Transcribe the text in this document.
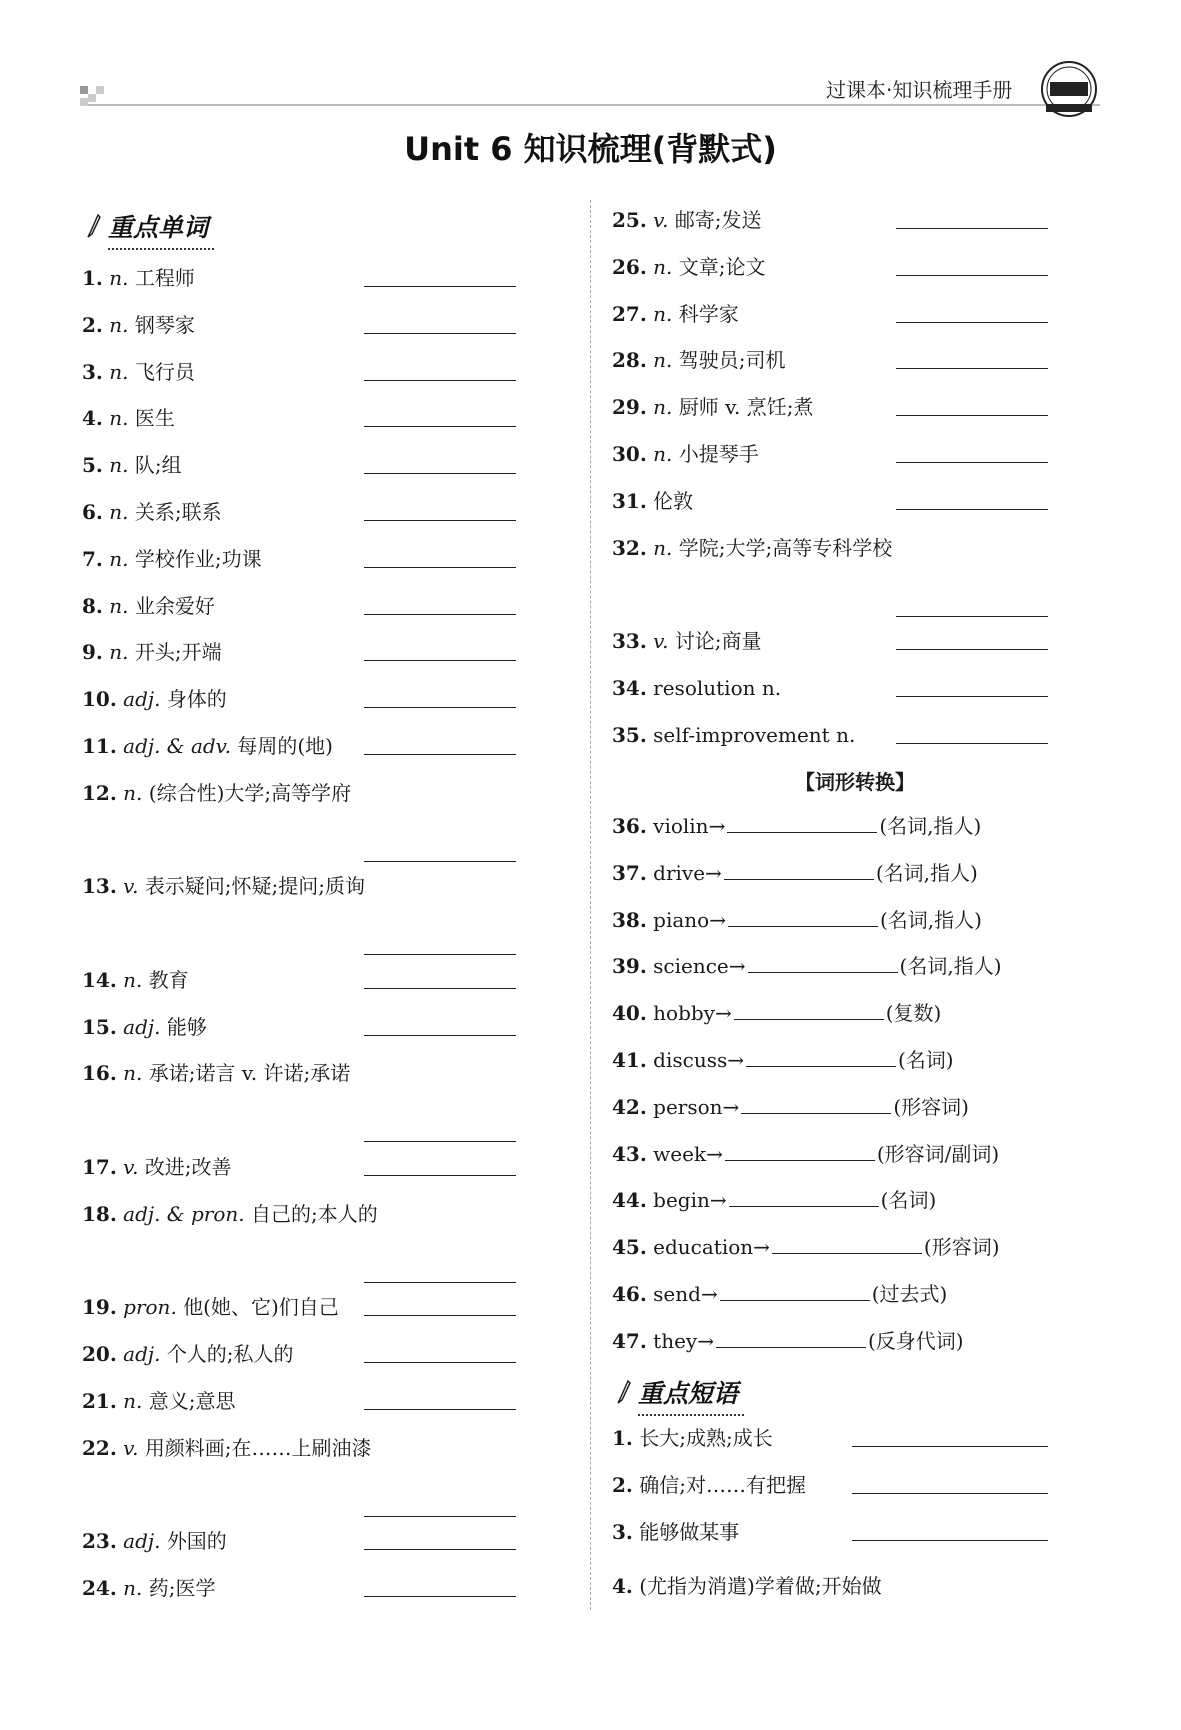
过课本·知识梳理手册
Unit 6 知识梳理(背默式)
重点单词
1. n. 工程师
2. n. 钢琴家
3. n. 飞行员
4. n. 医生
5. n. 队;组
6. n. 关系;联系
7. n. 学校作业;功课
8. n. 业余爱好
9. n. 开头;开端
10. adj. 身体的
11. adj. & adv. 每周的(地)
12. n. (综合性)大学;高等学府
13. v. 表示疑问;怀疑;提问;质询
14. n. 教育
15. adj. 能够
16. n. 承诺;诺言 v. 许诺;承诺
17. v. 改进;改善
18. adj. & pron. 自己的;本人的
19. pron. 他(她、它)们自己
20. adj. 个人的;私人的
21. n. 意义;意思
22. v. 用颜料画;在……上刷油漆
23. adj. 外国的
24. n. 药;医学
25. v. 邮寄;发送
26. n. 文章;论文
27. n. 科学家
28. n. 驾驶员;司机
29. n. 厨师 v. 烹饪;煮
30. n. 小提琴手
31. 伦敦
32. n. 学院;大学;高等专科学校
33. v. 讨论;商量
34. resolution n.
35. self-improvement n.
【词形转换】
36. violin→	(名词,指人)
37. drive→	(名词,指人)
38. piano→	(名词,指人)
39. science→	(名词,指人)
40. hobby→	(复数)
41. discuss→	(名词)
42. person→	(形容词)
43. week→	(形容词/副词)
44. begin→	(名词)
45. education→	(形容词)
46. send→	(过去式)
47. they→	(反身代词)
重点短语
1. 长大;成熟;成长
2. 确信;对……有把握
3. 能够做某事
4. (尤指为消遣)学着做;开始做
